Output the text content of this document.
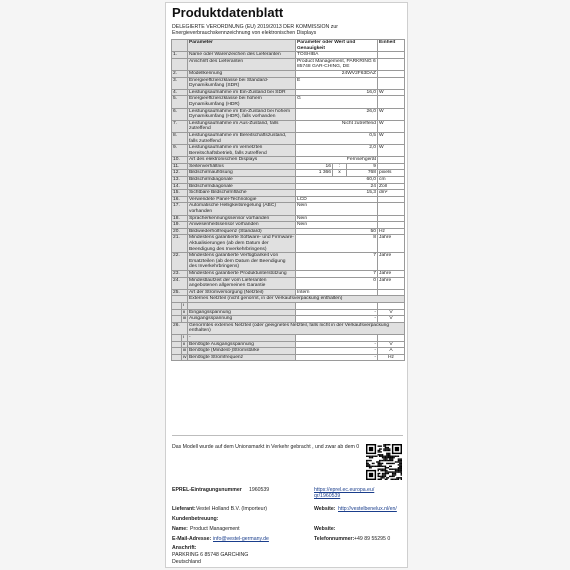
Produktdatenblatt
DELEGIERTE VERORDNUNG (EU) 2019/2013 DER KOMMISSION zur Energieverbrauchskennzeichnung von elektronischen Displays
		Parameter	Parameter oder Wert und Genauigkeit			Einheit
1.		Name oder Warenzeichen des Lieferanten	TOSHIBA			
		Anschrift des Lieferanten	Product Management, PARKRING 6 85748 GAR-CHING, DE			
2.		Modellkennung	24WV2F63DAZ			
3.		Energieeffizienzklasse bei Standard-Dynamikumfang (SDR)	E			
4.		Leistungsaufnahme im Ein-Zustand bei SDR	16,0			W
5.		Energieeffizienzklasse bei hohem Dynamikumfang (HDR)	G			
6.		Leistungsaufnahme im Ein-Zustand bei hohem Dynamikumfang (HDR), falls vorhanden	26,0			W
7.		Leistungsaufnahme im Aus-Zustand, falls zutreffend	Nicht zutreffend			W
8.		Leistungsaufnahme im Bereitschaftszustand, falls zutreffend	0,5			W
9.		Leistungsaufnahme im vernetzten Bereitschaftsbetrieb, falls zutreffend	2,0			W
10.		Art des elektronischen Displays	Fernsehgerät			
11.		Seitenverhältnis	16	:	9	
12.		Bildschirmauflösung	1 366	x	768	pixels
13.		Bildschirmdiagonale	60,0			cm
14.		Bildschirmdiagonale	24			Zoll
15.		Sichtbare Bildschirmfläche	15,3			dm²
16.		Verwendete Panel-Technologie	LCD			
17.		Automatische Helligkeitsregelung (ABC) vorhanden	Nein			
18.		Spracherkennungssensor vorhanden	Nein			
19.		Anwesenheitssensor vorhanden	Nein			
20.		Bildwiederholfrequenz (Standard)	50			Hz
21.		Mindestens garantierte Software- und Firmware-Aktualisierungen (ab dem Datum der Beendigung des Inverkehrbringens)	8			Jahre
22.		Mindestens garantierte Verfügbarkeit von Ersatzteilen (ab dem Datum der Beendigung des Inverkehrbringens)	7			Jahre
23.		Mindestens garantierte Produktunterstützung	7			Jahre
24.		Mindestlaufzeit der vom Lieferanten angebotenen allgemeinen Garantie	0			Jahre
25.		Art der Stromversorgung (Netzteil)	Intern			
		Externes Netzteil (nicht genormt, in der Verkaufsverpackung enthalten)				
	i					
	ii	Eingangsspannung	-			V
	iii	Ausgangsspannung	-			V
26.		Genormtes externes Netzteil (oder geeignetes Netzteil, falls nicht in der Verkaufsverpackung enthalten)				
	i	-				
	ii	Benötigte Ausgangsspannung	-			V
	iii	Benötigte (Mindest-)Stromstärke	-			A
	iv	Benötigte Stromfrequenz	-			Hz
Das Modell wurde auf dem Unionsmarkt in Verkehr gebracht , und zwar ab dem 0
EPREL-Eintragungsnummer 1960539	https://eprel.ec.europa.eu/qr/1960539
Lieferant: Vestel Holland B.V. (Importeur)	Website: http://vestelbenelux.nl/en/
Kundenbetreuung:
Name: Product Management	Website:
E-Mail-Adresse: info@vestel-germany.de	Telefonnummer: +49 89 55295 0
Anschrift:
PARKRING 6 85748 GARCHING
Deutschland
